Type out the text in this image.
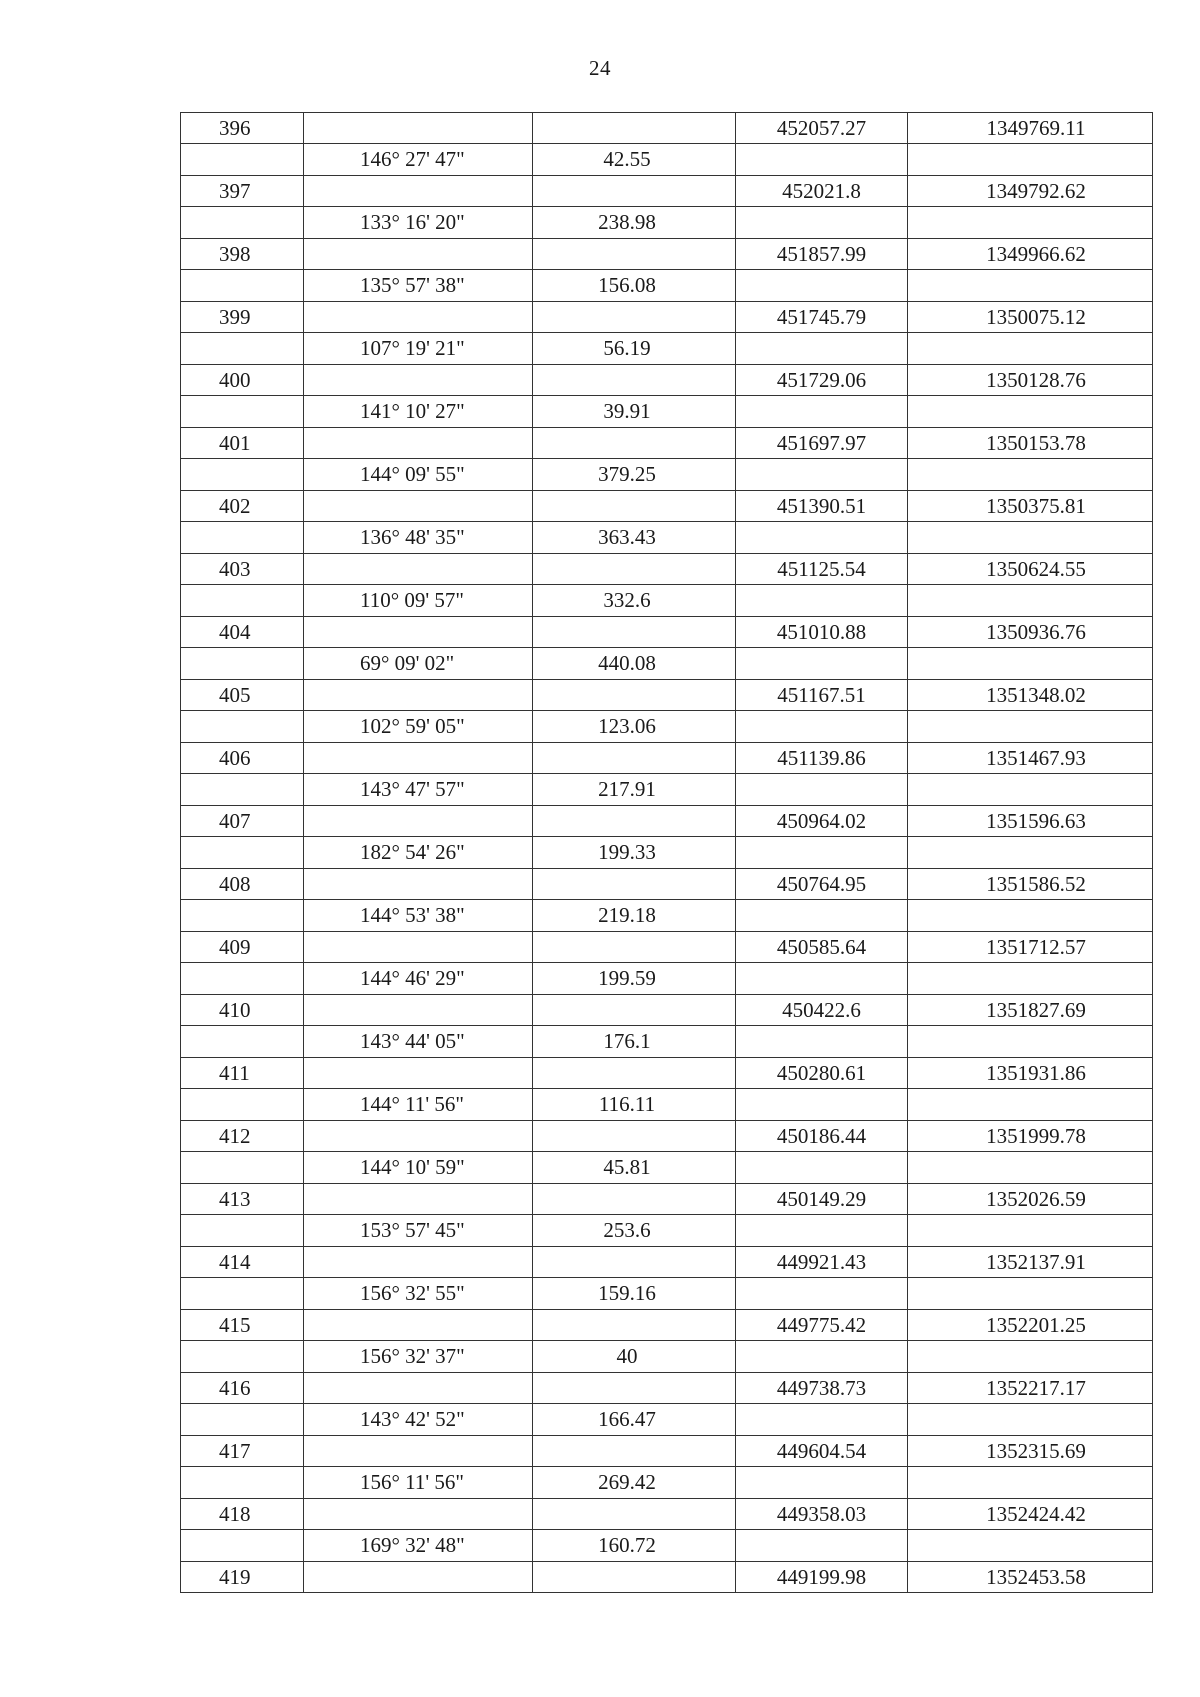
24
396			452057.27	1349769.11
	146° 27' 47"	42.55		
397			452021.8	1349792.62
	133° 16' 20"	238.98		
398			451857.99	1349966.62
	135° 57' 38"	156.08		
399			451745.79	1350075.12
	107° 19' 21"	56.19		
400			451729.06	1350128.76
	141° 10' 27"	39.91		
401			451697.97	1350153.78
	144° 09' 55"	379.25		
402			451390.51	1350375.81
	136° 48' 35"	363.43		
403			451125.54	1350624.55
	110° 09' 57"	332.6		
404			451010.88	1350936.76
	69° 09' 02"	440.08		
405			451167.51	1351348.02
	102° 59' 05"	123.06		
406			451139.86	1351467.93
	143° 47' 57"	217.91		
407			450964.02	1351596.63
	182° 54' 26"	199.33		
408			450764.95	1351586.52
	144° 53' 38"	219.18		
409			450585.64	1351712.57
	144° 46' 29"	199.59		
410			450422.6	1351827.69
	143° 44' 05"	176.1		
411			450280.61	1351931.86
	144° 11' 56"	116.11		
412			450186.44	1351999.78
	144° 10' 59"	45.81		
413			450149.29	1352026.59
	153° 57' 45"	253.6		
414			449921.43	1352137.91
	156° 32' 55"	159.16		
415			449775.42	1352201.25
	156° 32' 37"	40		
416			449738.73	1352217.17
	143° 42' 52"	166.47		
417			449604.54	1352315.69
	156° 11' 56"	269.42		
418			449358.03	1352424.42
	169° 32' 48"	160.72		
419			449199.98	1352453.58
